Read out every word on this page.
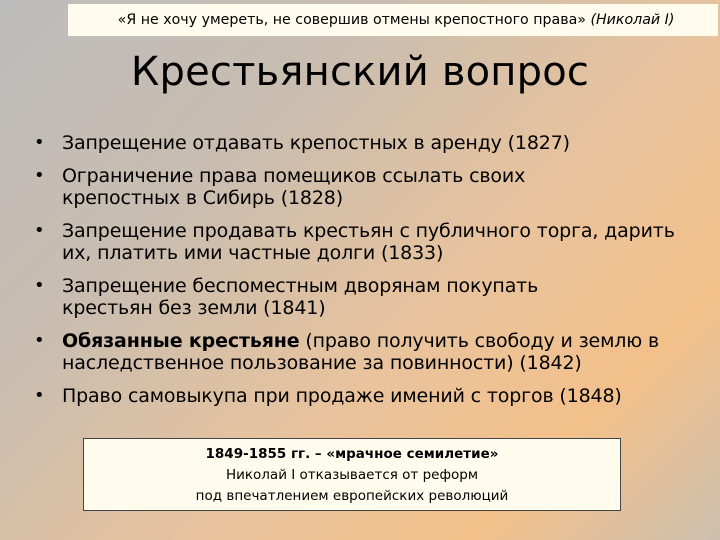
«Я не хочу умереть, не совершив отмены крепостного права» (Николай I)
Крестьянский вопрос
• Запрещение отдавать крепостных в аренду (1827)
• Ограничение права помещиков ссылать своих крепостных в Сибирь (1828)
• Запрещение продавать крестьян с публичного торга, дарить их, платить ими частные долги (1833)
• Запрещение беспоместным дворянам покупать крестьян без земли (1841)
• Обязанные крестьяне (право получить свободу и землю в наследственное пользование за повинности) (1842)
• Право самовыкупа при продаже имений с торгов (1848)
1849-1855 гг. – «мрачное семилетие»
Николай I отказывается от реформ
под впечатлением европейских революций
